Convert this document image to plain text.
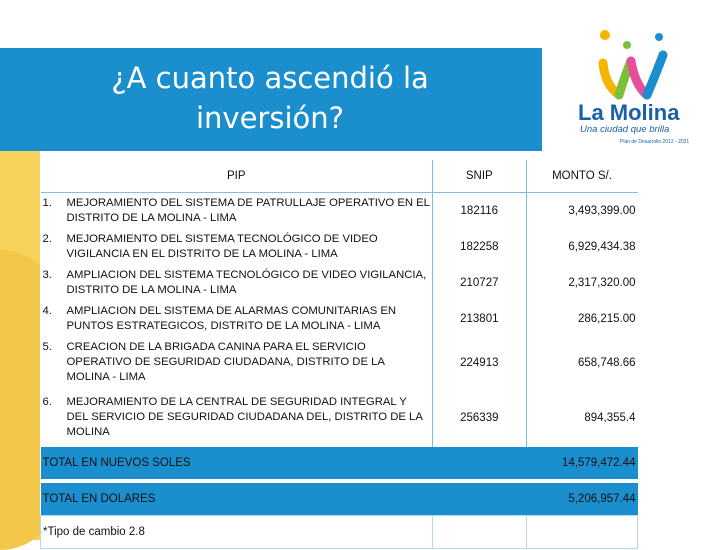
¿A cuanto ascendió la inversión?	La Molina
Una ciudad que brilla
Plan de Desarrollo 2012 - 2021
PIP	SNIP	MONTO S/.

1. MEJORAMIENTO DEL SISTEMA DE PATRULLAJE OPERATIVO EN EL DISTRITO DE LA MOLINA - LIMA	182116	3,493,399.00

2. MEJORAMIENTO DEL SISTEMA TECNOLÓGICO DE VIDEO VIGILANCIA EN EL DISTRITO DE LA MOLINA - LIMA	182258	6,929,434.38

3. AMPLIACION DEL SISTEMA TECNOLÓGICO DE VIDEO VIGILANCIA, DISTRITO DE LA MOLINA - LIMA	210727	2,317,320.00

4. AMPLIACION DEL SISTEMA DE ALARMAS COMUNITARIAS EN PUNTOS ESTRATEGICOS, DISTRITO DE LA MOLINA - LIMA	213801	286,215.00

5. CREACION DE LA BRIGADA CANINA PARA EL SERVICIO OPERATIVO DE SEGURIDAD CIUDADANA, DISTRITO DE LA MOLINA - LIMA	224913	658,748.66

6. MEJORAMIENTO DE LA CENTRAL DE SEGURIDAD INTEGRAL Y DEL SERVICIO DE SEGURIDAD CIUDADANA DEL, DISTRITO DE LA MOLINA	256339	894,355.4
TOTAL EN NUEVOS SOLES		14,579,472.44

TOTAL EN DOLARES		5,206,957.44
*Tipo de cambio 2.8		
